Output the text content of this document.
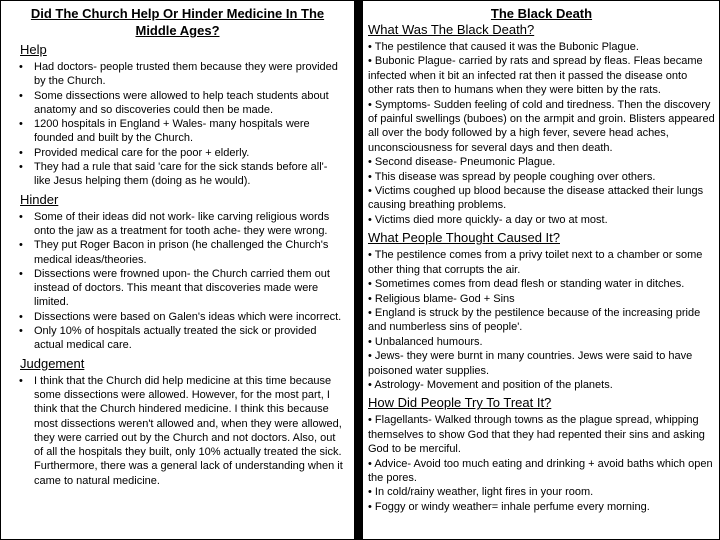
Did The Church Help Or Hinder Medicine In The Middle Ages?
Help
• Had doctors- people trusted them because they were provided by the Church.
• Some dissections were allowed to help teach students about anatomy and so discoveries could then be made.
• 1200 hospitals in England + Wales- many hospitals were founded and built by the Church.
• Provided medical care for the poor + elderly.
• They had a rule that said 'care for the sick stands before all'- like Jesus helping them (doing as he would).
Hinder
• Some of their ideas did not work- like carving religious words onto the jaw as a treatment for tooth ache- they were wrong.
• They put Roger Bacon in prison (he challenged the Church's medical ideas/theories.
• Dissections were frowned upon- the Church carried them out instead of doctors. This meant that discoveries made were limited.
• Dissections were based on Galen's ideas which were incorrect.
• Only 10% of hospitals actually treated the sick or provided actual medical care.
Judgement
• I think that the Church did help medicine at this time because some dissections were allowed. However, for the most part, I think that the Church hindered medicine. I think this because most dissections weren't allowed and, when they were allowed, they were carried out by the Church and not doctors. Also, out of all the hospitals they built, only 10% actually treated the sick. Furthermore, there was a general lack of understanding when it came to natural medicine.
The Black Death
What Was The Black Death?
• The pestilence that caused it was the Bubonic Plague.
• Bubonic Plague- carried by rats and spread by fleas. Fleas became infected when it bit an infected rat then it passed the disease onto other rats then to humans when they were bitten by the rats.
• Symptoms- Sudden feeling of cold and tiredness. Then the discovery of painful swellings (buboes) on the armpit and groin. Blisters appeared all over the body followed by a high fever, severe head aches, unconsciousness for several days and then death.
• Second disease- Pneumonic Plague.
• This disease was spread by people coughing over others.
• Victims coughed up blood because the disease attacked their lungs causing breathing problems.
• Victims died more quickly- a day or two at most.
What People Thought Caused It?
• The pestilence comes from a privy toilet next to a chamber or some other thing that corrupts the air.
• Sometimes comes from dead flesh or standing water in ditches.
• Religious blame- God + Sins
• England is struck by the pestilence because of the increasing pride and numberless sins of people'.
• Unbalanced humours.
• Jews- they were burnt in many countries. Jews were said to have poisoned water supplies.
• Astrology- Movement and position of the planets.
How Did People Try To Treat It?
• Flagellants- Walked through towns as the plague spread, whipping themselves to show God that they had repented their sins and asking God to be merciful.
• Advice- Avoid too much eating and drinking + avoid baths which open the pores.
• In cold/rainy weather, light fires in your room.
• Foggy or windy weather= inhale perfume every morning.
